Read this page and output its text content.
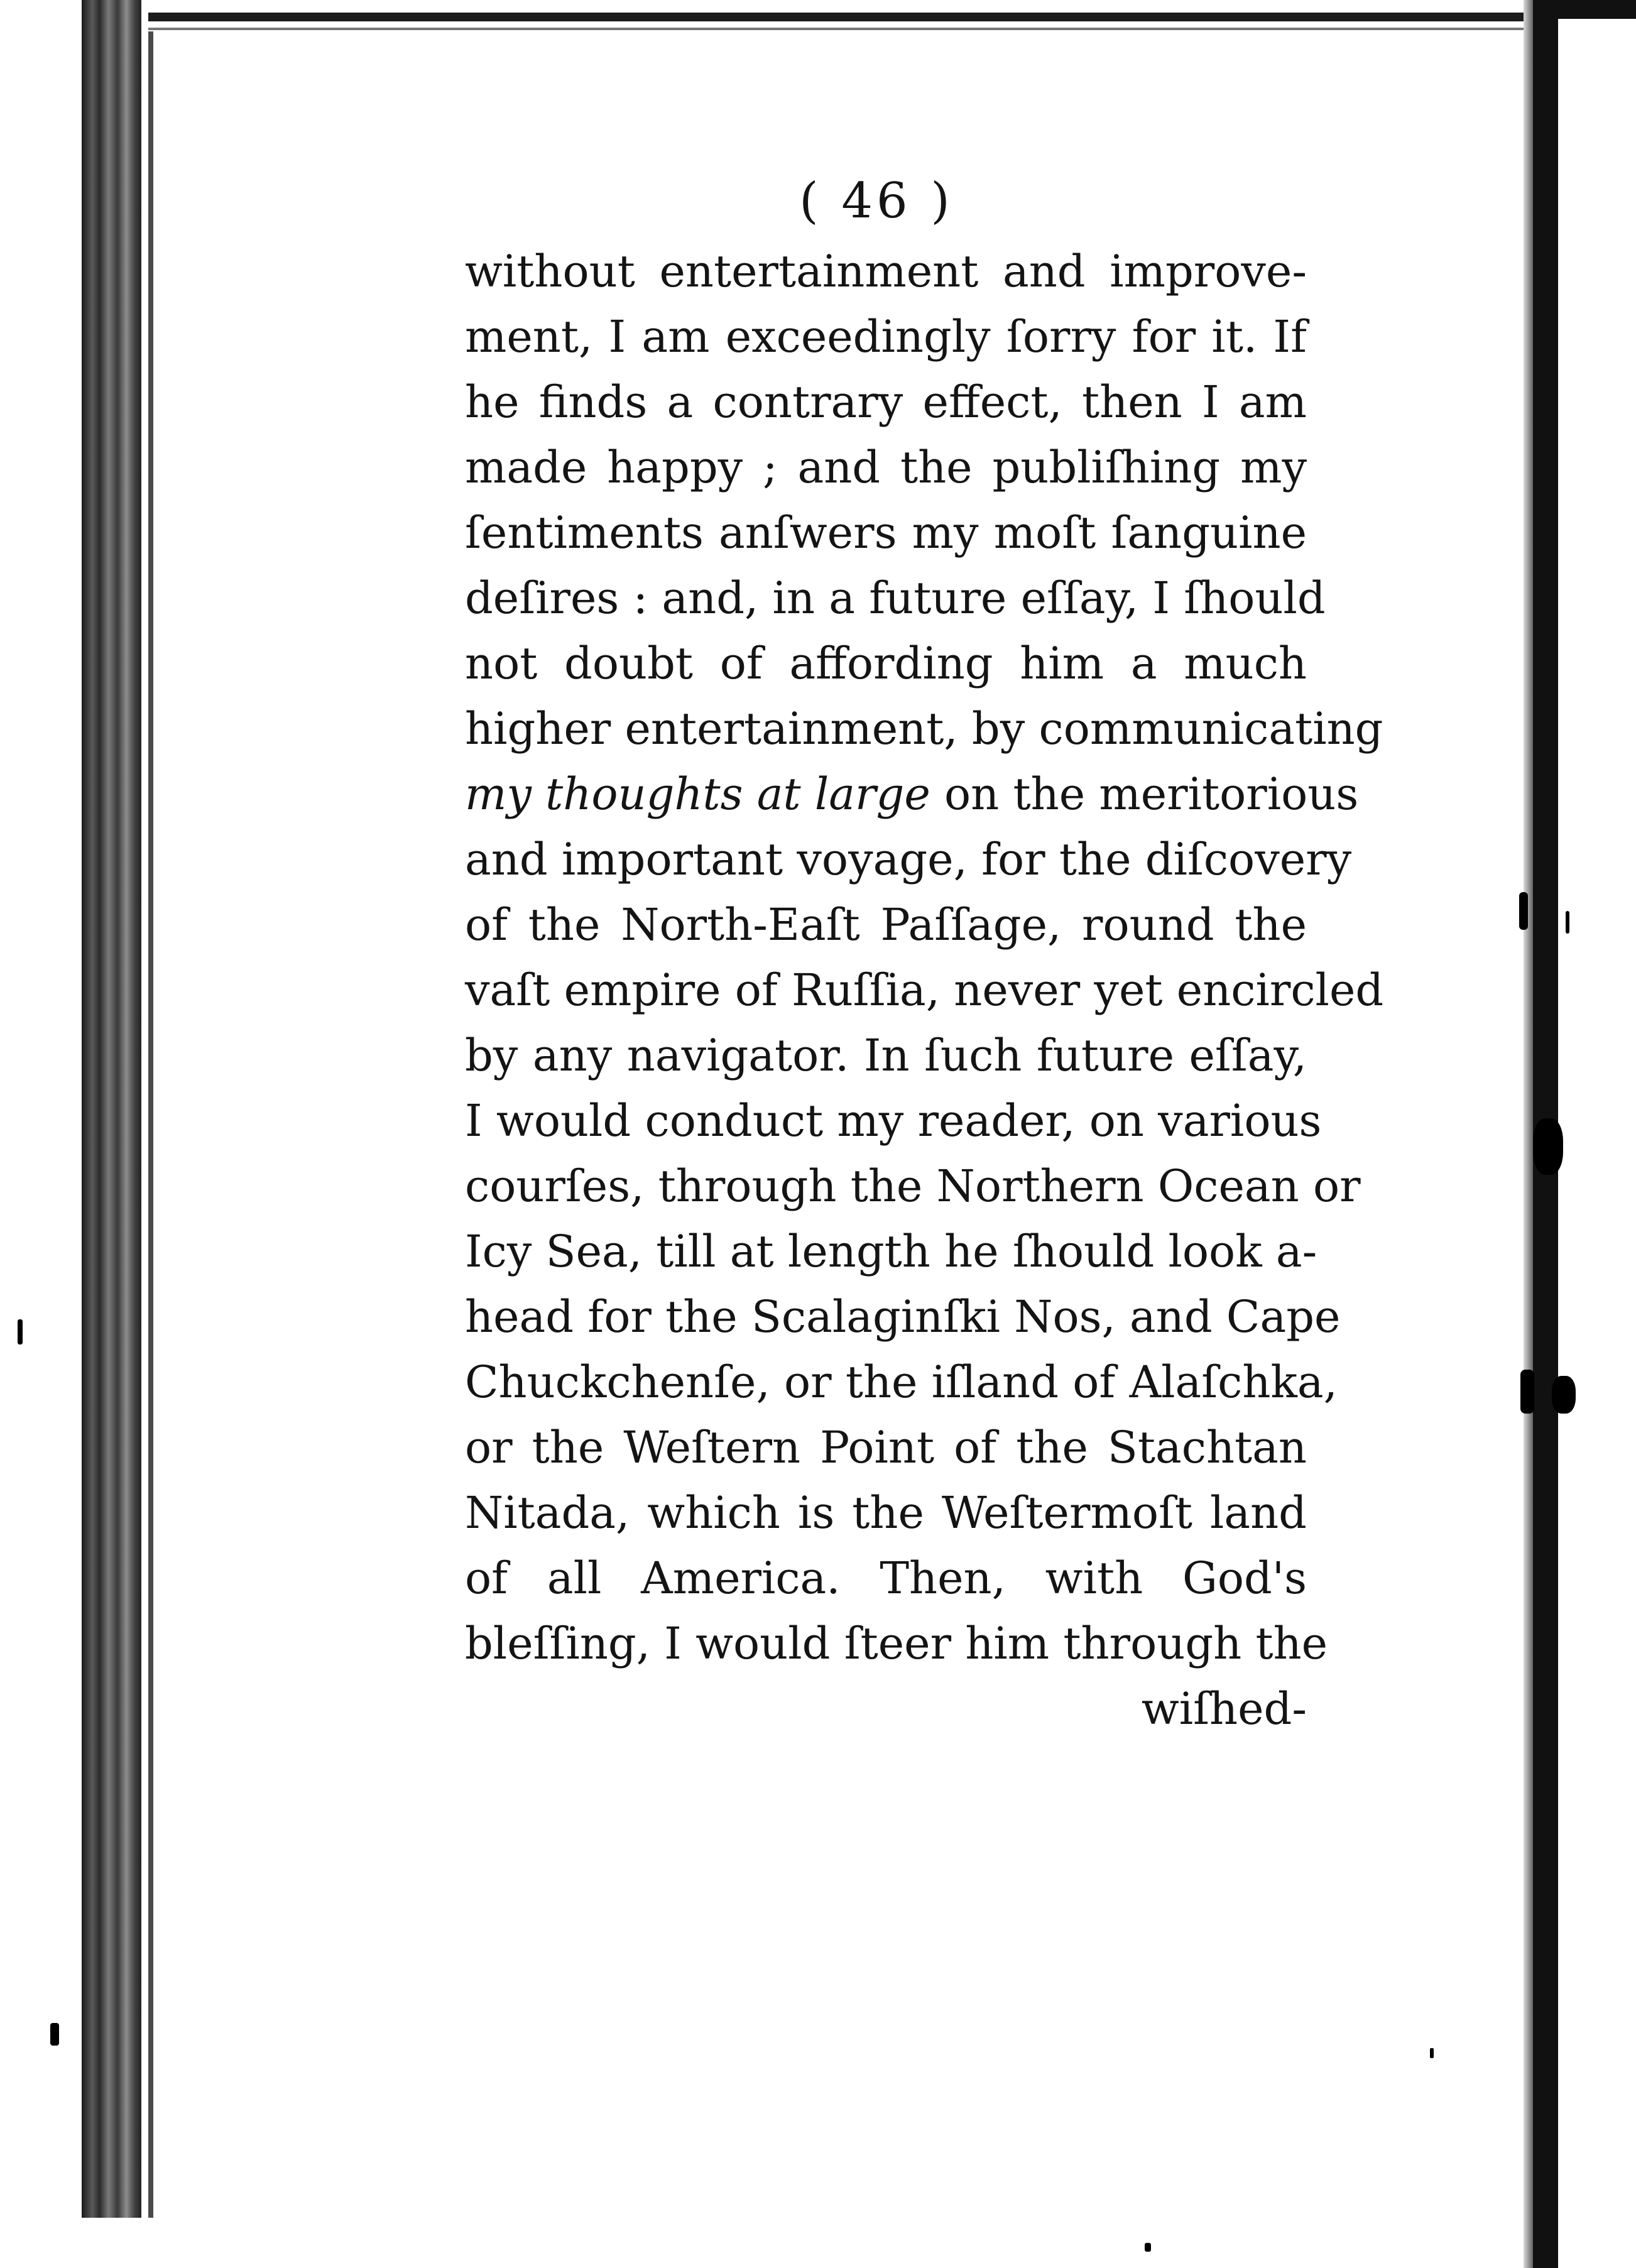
( 46 )
without entertainment and improve-
ment, I am exceedingly ſorry for it. If
he finds a contrary effect, then I am
made happy ; and the publiſhing my
ſentiments anſwers my moſt ſanguine
deſires : and, in a future eſſay, I ſhould
not doubt of affording him a much
higher entertainment, by communicating
my thoughts at large on the meritorious
and important voyage, for the diſcovery
of the North-Eaſt Paſſage, round the
vaſt empire of Ruſſia, never yet encircled
by any navigator. In ſuch future eſſay,
I would conduct my reader, on various
courſes, through the Northern Ocean or
Icy Sea, till at length he ſhould look a-
head for the Scalaginſki Nos, and Cape
Chuckchenſe, or the iſland of Alaſchka,
or the Weſtern Point of the Stachtan
Nitada, which is the Weſtermoſt land
of all America. Then, with God's
bleſſing, I would ſteer him through the
wiſhed-
